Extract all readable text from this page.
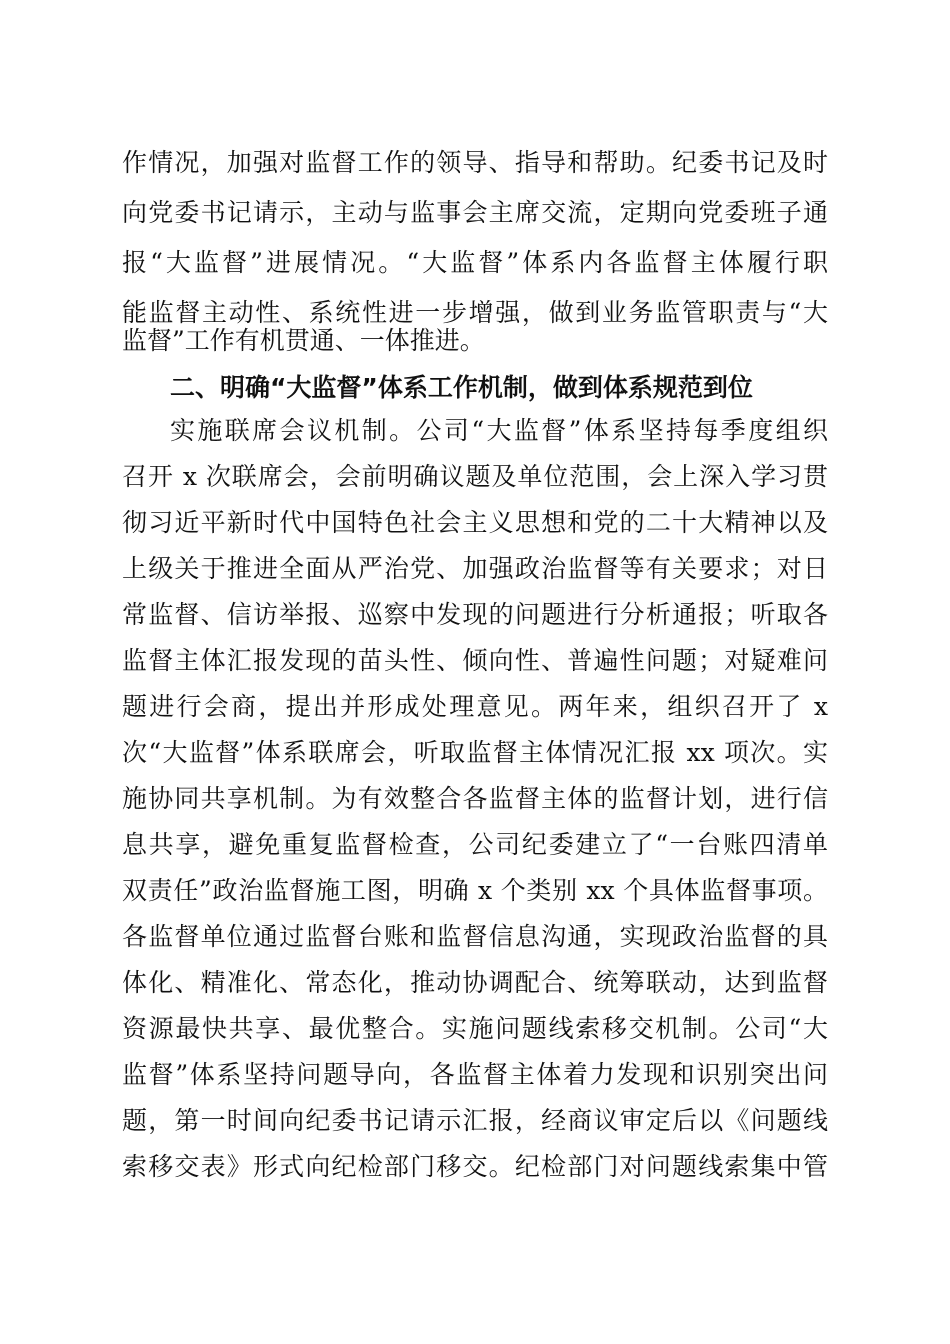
作情况，加强对监督工作的领导、指导和帮助。纪委书记及时
向党委书记请示，主动与监事会主席交流，定期向党委班子通
报“大监督”进展情况。“大监督”体系内各监督主体履行职
能监督主动性、系统性进一步增强，做到业务监管职责与“大
监督”工作有机贯通、一体推进。
二、明确“大监督”体系工作机制，做到体系规范到位
实施联席会议机制。公司“大监督”体系坚持每季度组织
召开 x 次联席会，会前明确议题及单位范围，会上深入学习贯
彻习近平新时代中国特色社会主义思想和党的二十大精神以及
上级关于推进全面从严治党、加强政治监督等有关要求；对日
常监督、信访举报、巡察中发现的问题进行分析通报；听取各
监督主体汇报发现的苗头性、倾向性、普遍性问题；对疑难问
题进行会商，提出并形成处理意见。两年来，组织召开了 x
次“大监督”体系联席会，听取监督主体情况汇报 xx 项次。实
施协同共享机制。为有效整合各监督主体的监督计划，进行信
息共享，避免重复监督检查，公司纪委建立了“一台账四清单
双责任”政治监督施工图，明确 x 个类别 xx 个具体监督事项。
各监督单位通过监督台账和监督信息沟通，实现政治监督的具
体化、精准化、常态化，推动协调配合、统筹联动，达到监督
资源最快共享、最优整合。实施问题线索移交机制。公司“大
监督”体系坚持问题导向，各监督主体着力发现和识别突出问
题，第一时间向纪委书记请示汇报，经商议审定后以《问题线
索移交表》形式向纪检部门移交。纪检部门对问题线索集中管
